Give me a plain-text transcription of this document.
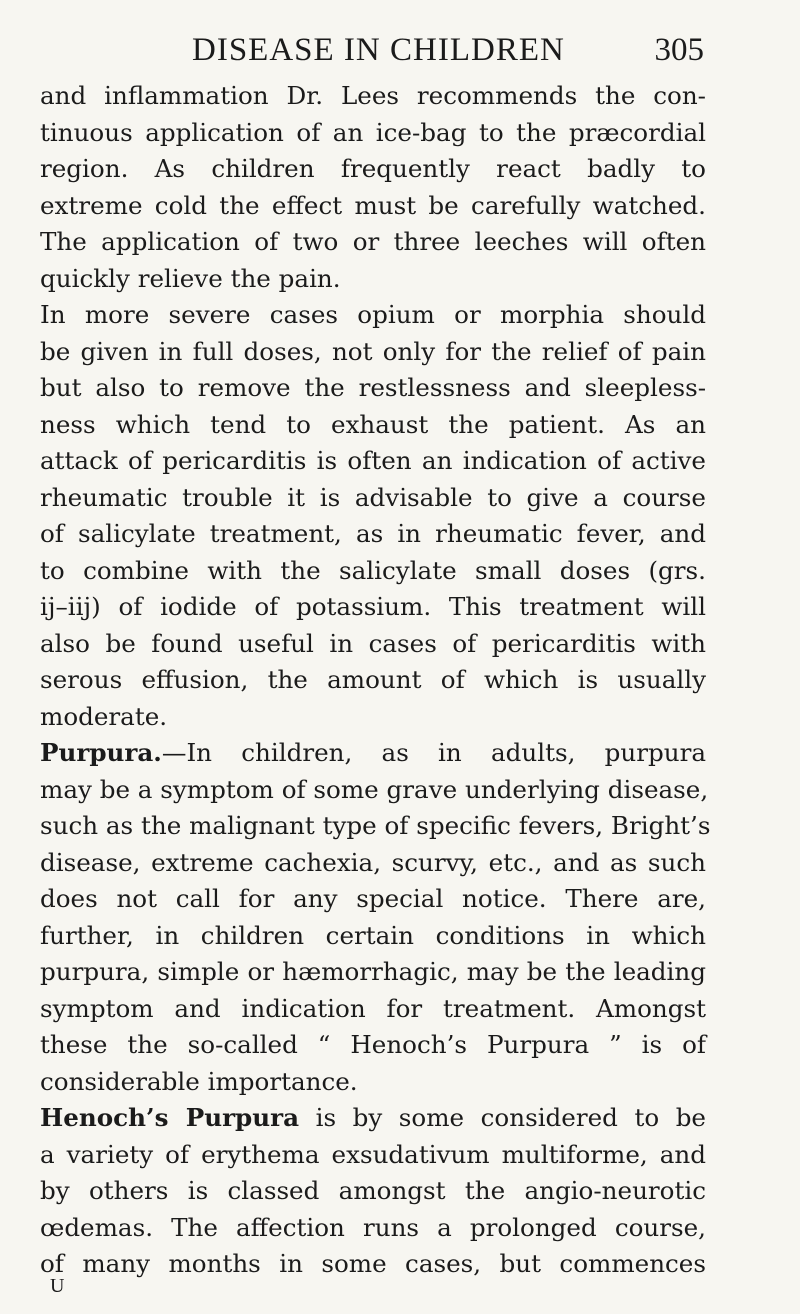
DISEASE IN CHILDREN	305
and inflammation Dr. Lees recommends the con-
tinuous application of an ice-bag to the præcordial
region. As children frequently react badly to
extreme cold the effect must be carefully watched.
The application of two or three leeches will often
quickly relieve the pain.
In more severe cases opium or morphia should
be given in full doses, not only for the relief of pain
but also to remove the restlessness and sleepless-
ness which tend to exhaust the patient. As an
attack of pericarditis is often an indication of active
rheumatic trouble it is advisable to give a course
of salicylate treatment, as in rheumatic fever, and
to combine with the salicylate small doses (grs.
ij–iij) of iodide of potassium. This treatment will
also be found useful in cases of pericarditis with
serous effusion, the amount of which is usually
moderate.
Purpura.—In children, as in adults, purpura
may be a symptom of some grave underlying disease,
such as the malignant type of specific fevers, Bright’s
disease, extreme cachexia, scurvy, etc., and as such
does not call for any special notice. There are,
further, in children certain conditions in which
purpura, simple or hæmorrhagic, may be the leading
symptom and indication for treatment. Amongst
these the so-called “ Henoch’s Purpura ” is of
considerable importance.
Henoch’s Purpura is by some considered to be
a variety of erythema exsudativum multiforme, and
by others is classed amongst the angio-neurotic
œdemas. The affection runs a prolonged course,
of many months in some cases, but commences
U
